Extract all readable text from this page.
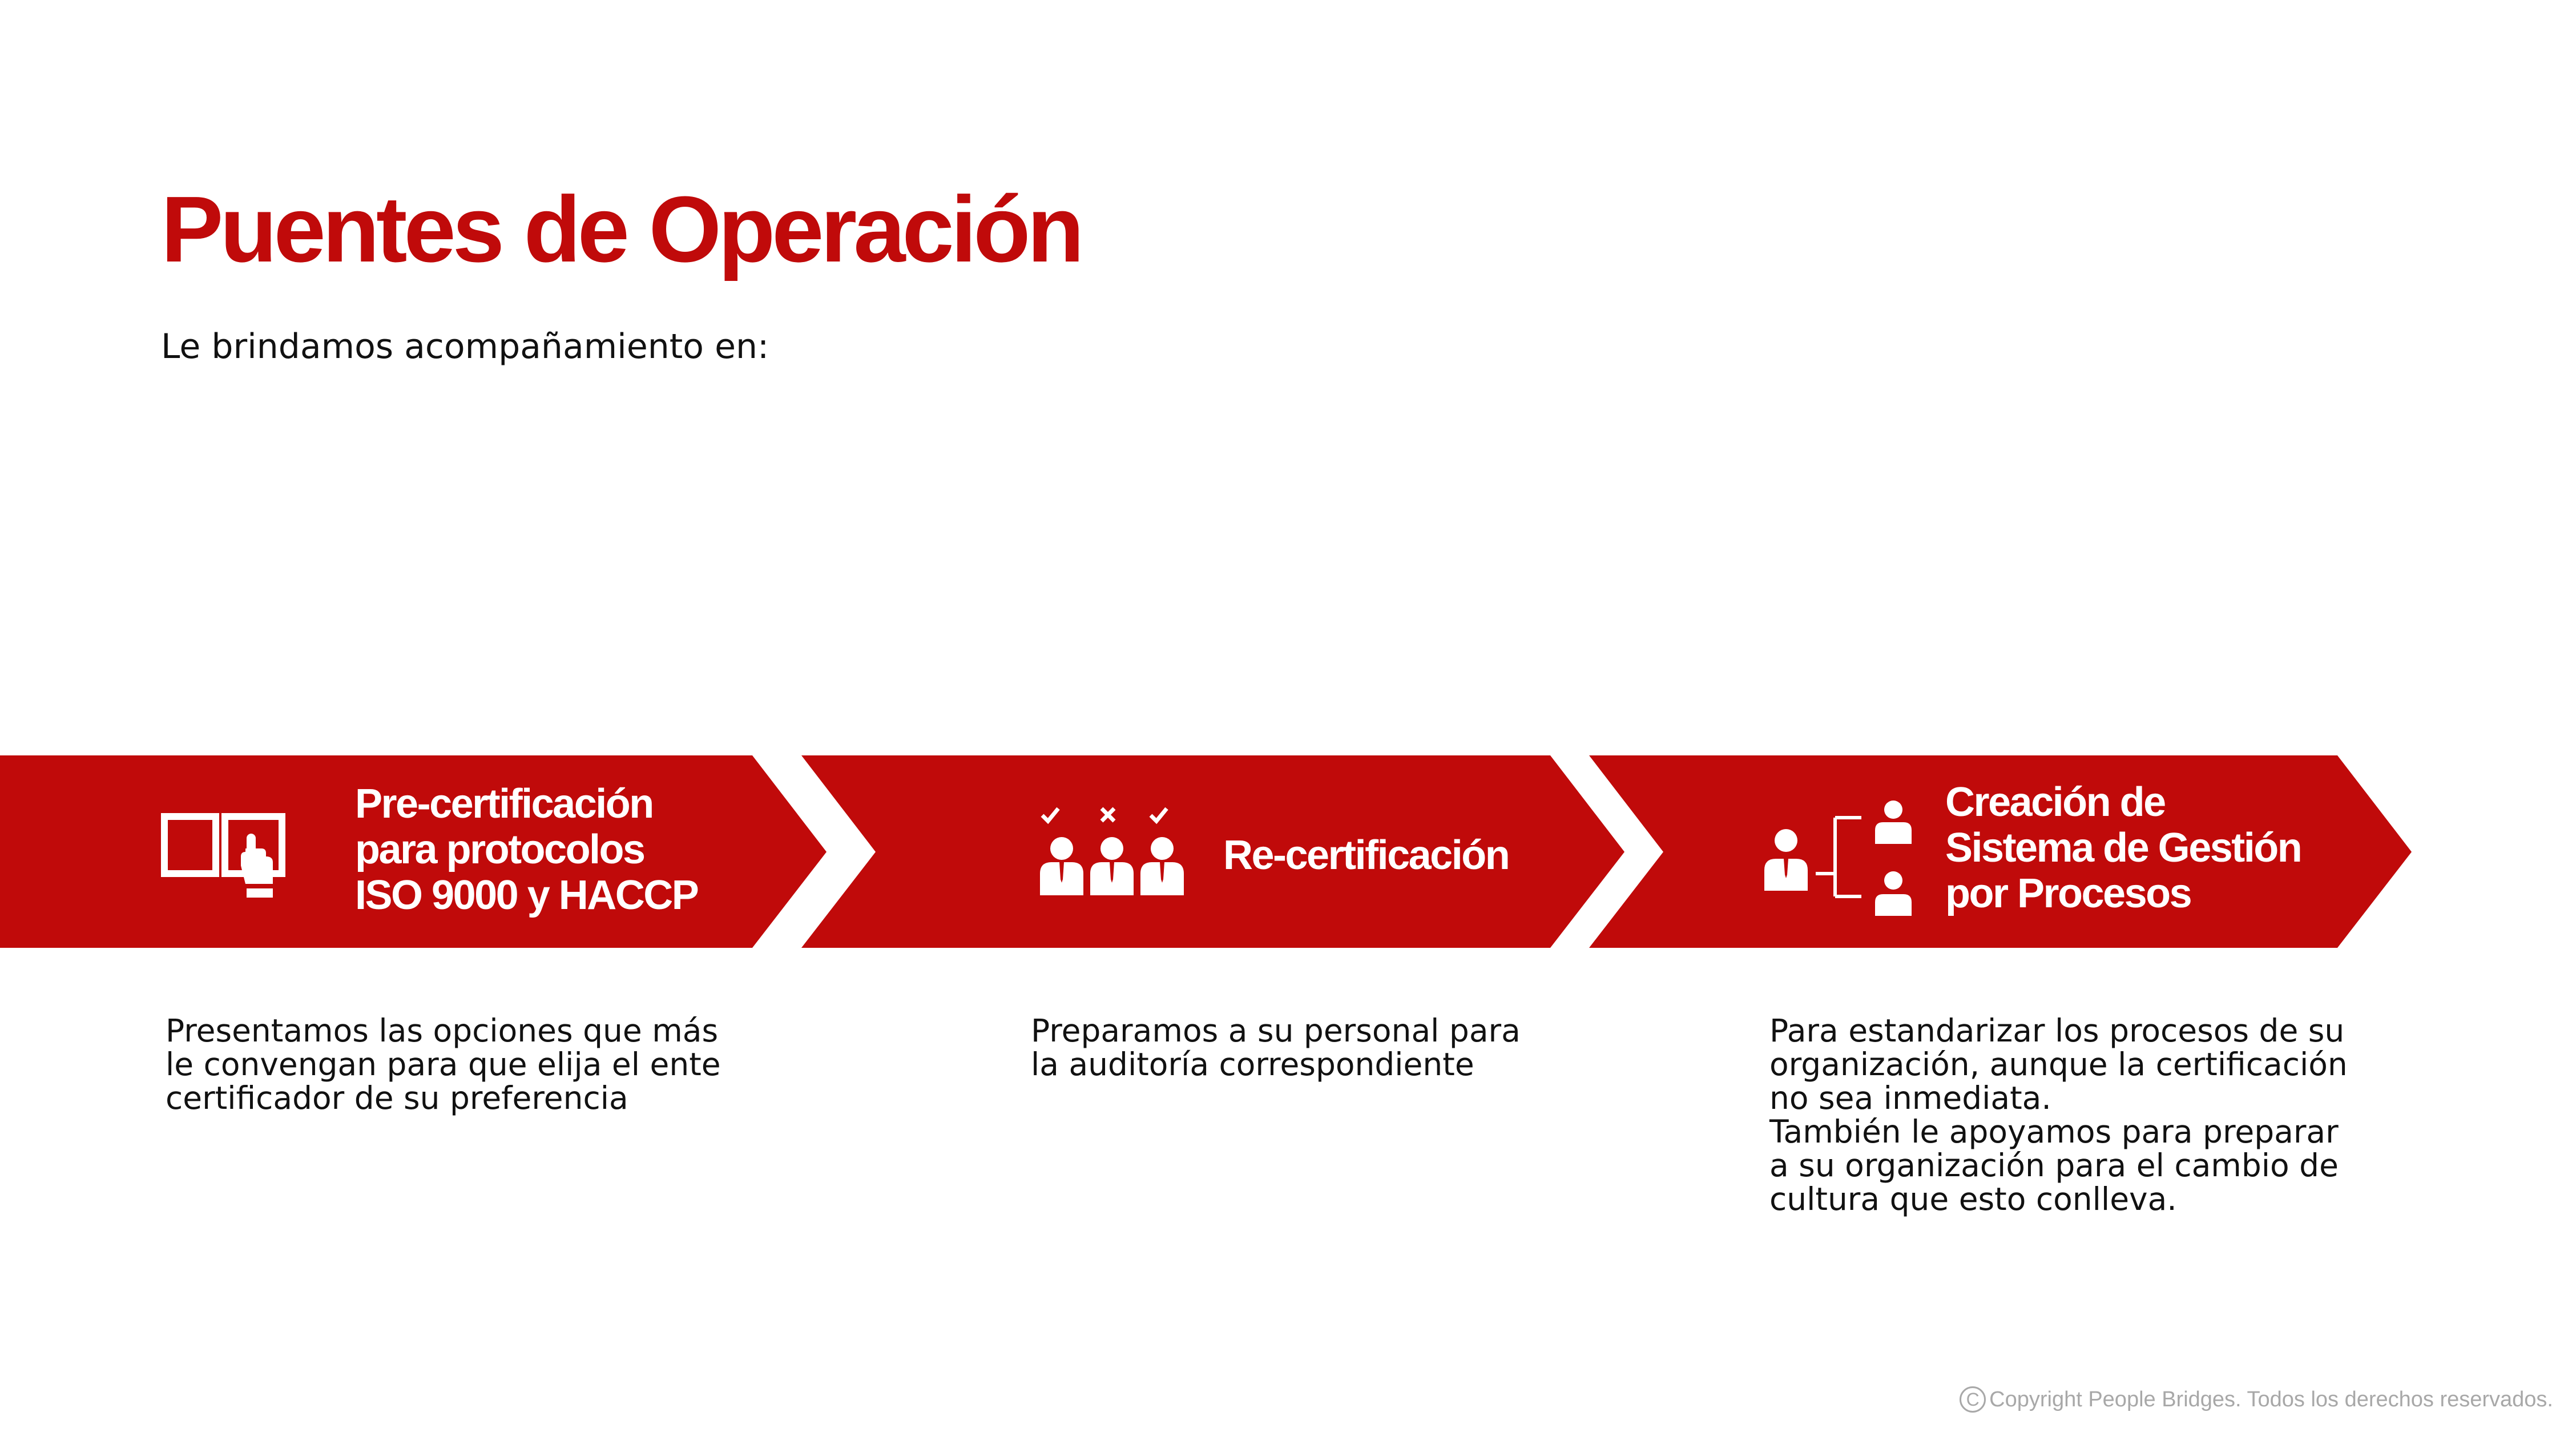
Puentes de Operación
Le brindamos acompañamiento en:
Pre-certificación
para protocolos
ISO 9000 y HACCP
Re-certificación
Creación de
Sistema de Gestión
por Procesos
Presentamos las opciones que más
le convengan para que elija el ente
certificador de su preferencia
Preparamos a su personal para
la auditoría correspondiente
Para estandarizar los procesos de su
organización, aunque la certificación
no sea inmediata.
También le apoyamos para preparar
a su organización para el cambio de
cultura que esto conlleva.
C Copyright People Bridges. Todos los derechos reservados.
